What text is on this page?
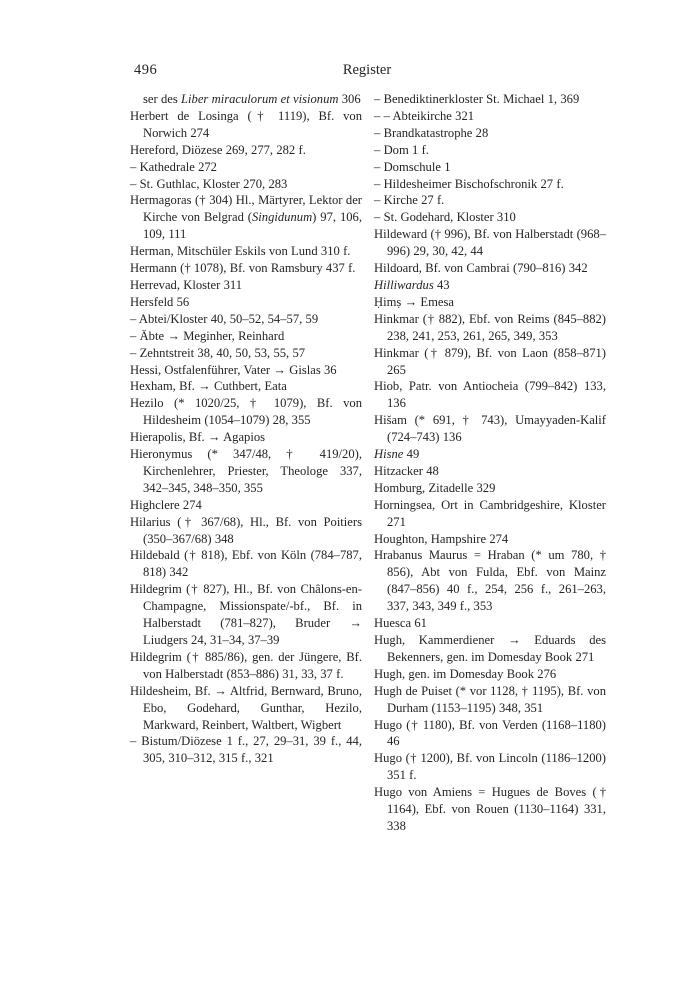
496	Register
ser des Liber miraculorum et visionum 306
Herbert de Losinga († 1119), Bf. von Norwich 274
Hereford, Diözese 269, 277, 282 f.
– Kathedrale 272
– St. Guthlac, Kloster 270, 283
Hermagoras († 304) Hl., Märtyrer, Lektor der Kirche von Belgrad (Singidunum) 97, 106, 109, 111
Herman, Mitschüler Eskils von Lund 310 f.
Hermann († 1078), Bf. von Ramsbury 437 f.
Herrevad, Kloster 311
Hersfeld 56
– Abtei/Kloster 40, 50–52, 54–57, 59
– Äbte → Meginher, Reinhard
– Zehntstreit 38, 40, 50, 53, 55, 57
Hessi, Ostfalenführer, Vater → Gislas 36
Hexham, Bf. → Cuthbert, Eata
Hezilo (* 1020/25, † 1079), Bf. von Hildesheim (1054–1079) 28, 355
Hierapolis, Bf. → Agapios
Hieronymus (* 347/48, † 419/20), Kirchenlehrer, Priester, Theologe 337, 342–345, 348–350, 355
Highclere 274
Hilarius († 367/68), Hl., Bf. von Poitiers (350–367/68) 348
Hildebald († 818), Ebf. von Köln (784–787, 818) 342
Hildegrim († 827), Hl., Bf. von Châlons-en-Champagne, Missionspate/-bf., Bf. in Halberstadt (781–827), Bruder → Liudgers 24, 31–34, 37–39
Hildegrim († 885/86), gen. der Jüngere, Bf. von Halberstadt (853–886) 31, 33, 37 f.
Hildesheim, Bf. → Altfrid, Bernward, Bruno, Ebo, Godehard, Gunthar, Hezilo, Markward, Reinbert, Waltbert, Wigbert
– Bistum/Diözese 1 f., 27, 29–31, 39 f., 44, 305, 310–312, 315 f., 321
– Benediktinerkloster St. Michael 1, 369
– – Abteikirche 321
– Brandkatastrophe 28
– Dom 1 f.
– Domschule 1
– Hildesheimer Bischofschronik 27 f.
– Kirche 27 f.
– St. Godehard, Kloster 310
Hildeward († 996), Bf. von Halberstadt (968–996) 29, 30, 42, 44
Hildoard, Bf. von Cambrai (790–816) 342
Hilliwardus 43
Ḥimṣ → Emesa
Hinkmar († 882), Ebf. von Reims (845–882) 238, 241, 253, 261, 265, 349, 353
Hinkmar († 879), Bf. von Laon (858–871) 265
Hiob, Patr. von Antiocheia (799–842) 133, 136
Hišam (* 691, † 743), Umayyaden-Kalif (724–743) 136
Hisne 49
Hitzacker 48
Homburg, Zitadelle 329
Horningsea, Ort in Cambridgeshire, Kloster 271
Houghton, Hampshire 274
Hrabanus Maurus = Hraban (* um 780, † 856), Abt von Fulda, Ebf. von Mainz (847–856) 40 f., 254, 256 f., 261–263, 337, 343, 349 f., 353
Huesca 61
Hugh, Kammerdiener → Eduards des Bekenners, gen. im Domesday Book 271
Hugh, gen. im Domesday Book 276
Hugh de Puiset (* vor 1128, † 1195), Bf. von Durham (1153–1195) 348, 351
Hugo († 1180), Bf. von Verden (1168–1180) 46
Hugo († 1200), Bf. von Lincoln (1186–1200) 351 f.
Hugo von Amiens = Hugues de Boves († 1164), Ebf. von Rouen (1130–1164) 331, 338
